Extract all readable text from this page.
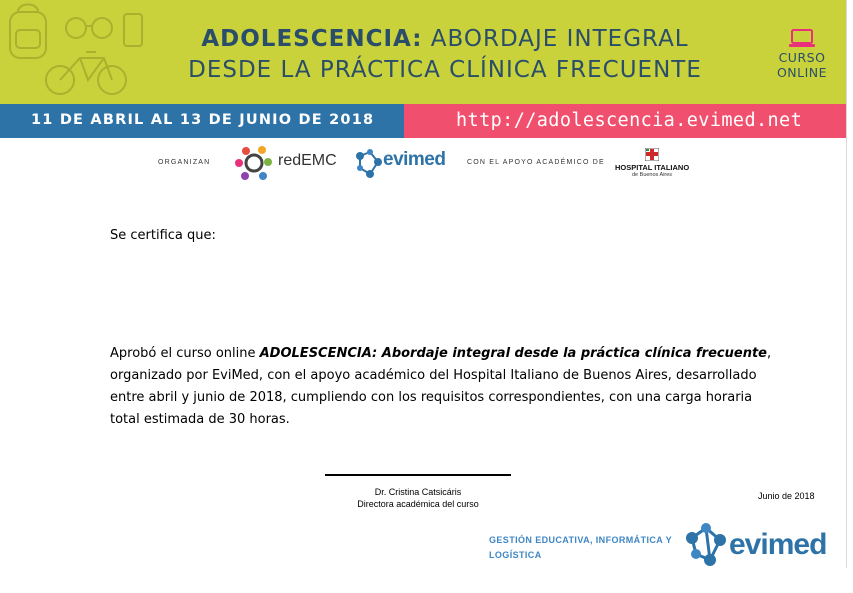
ADOLESCENCIA: ABORDAJE INTEGRAL
DESDE LA PRÁCTICA CLÍNICA FRECUENTE	CURSO
ONLINE
11 DE ABRIL AL 13 DE JUNIO DE 2018	http://adolescencia.evimed.net
ORGANIZAN	redEMC evimed	CON EL APOYO ACADÉMICO DE
HOSPITAL ITALIANO
de Buenos Aires
Se certifica que:
Aprobó el curso online ADOLESCENCIA: Abordaje integral desde la práctica clínica frecuente,
organizado por EviMed, con el apoyo académico del Hospital Italiano de Buenos Aires, desarrollado
entre abril y junio de 2018, cumpliendo con los requisitos correspondientes, con una carga horaria
total estimada de 30 horas.
Dr. Cristina Catsicáris
Directora académica del curso
Junio de 2018
GESTIÓN EDUCATIVA, INFORMÁTICA Y
LOGÍSTICA	evimed
